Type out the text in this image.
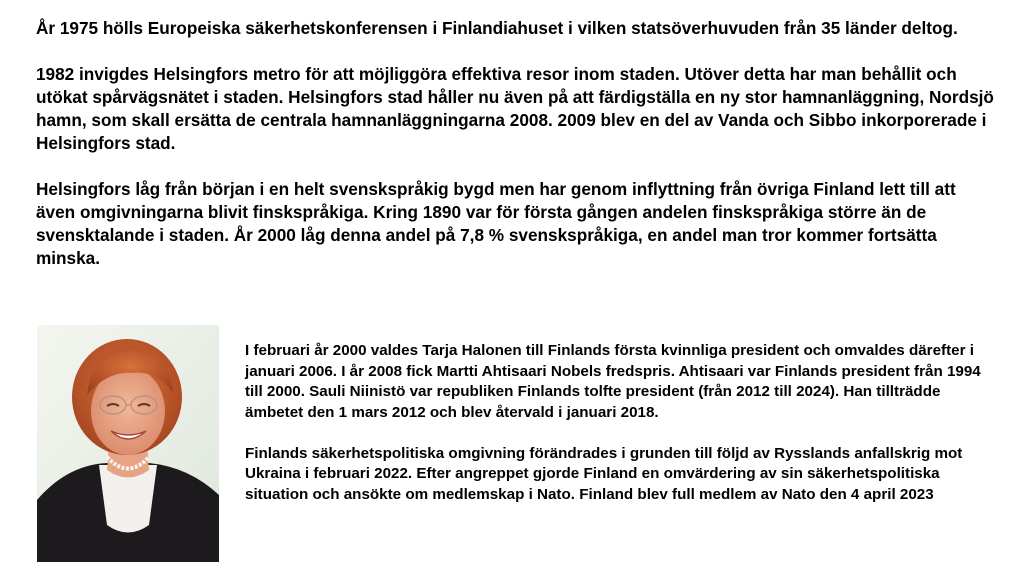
År 1975 hölls Europeiska säkerhetskonferensen i Finlandiahuset i vilken statsöverhuvuden från 35 länder deltog.

1982 invigdes Helsingfors metro för att möjliggöra effektiva resor inom staden. Utöver detta har man behållit och utökat spårvägsnätet i staden. Helsingfors stad håller nu även på att färdigställa en ny stor hamnanläggning, Nordsjö hamn, som skall ersätta de centrala hamnanläggningarna 2008. 2009 blev en del av Vanda och Sibbo inkorporerade i Helsingfors stad.

Helsingfors låg från början i en helt svenskspråkig bygd men har genom inflyttning från övriga Finland lett till att även omgivningarna blivit finskspråkiga. Kring 1890 var för första gången andelen finskspråkiga större än de svensktalande i staden. År 2000 låg denna andel på 7,8 % svenskspråkiga, en andel man tror kommer fortsätta minska.

I februari år 2000 valdes Tarja Halonen till Finlands första kvinnliga president och omvaldes därefter i januari 2006. I år 2008 fick Martti Ahtisaari Nobels fredspris. Ahtisaari var Finlands president från 1994 till 2000. Sauli Niinistö var republiken Finlands tolfte president (från 2012 till 2024). Han tillträdde ämbetet den 1 mars 2012 och blev återvald i januari 2018.

Finlands säkerhetspolitiska omgivning förändrades i grunden till följd av Rysslands anfallskrig mot Ukraina i februari 2022. Efter angreppet gjorde Finland en omvärdering av sin säkerhetspolitiska situation och ansökte om medlemskap i Nato. Finland blev full medlem av Nato den 4 april 2023
